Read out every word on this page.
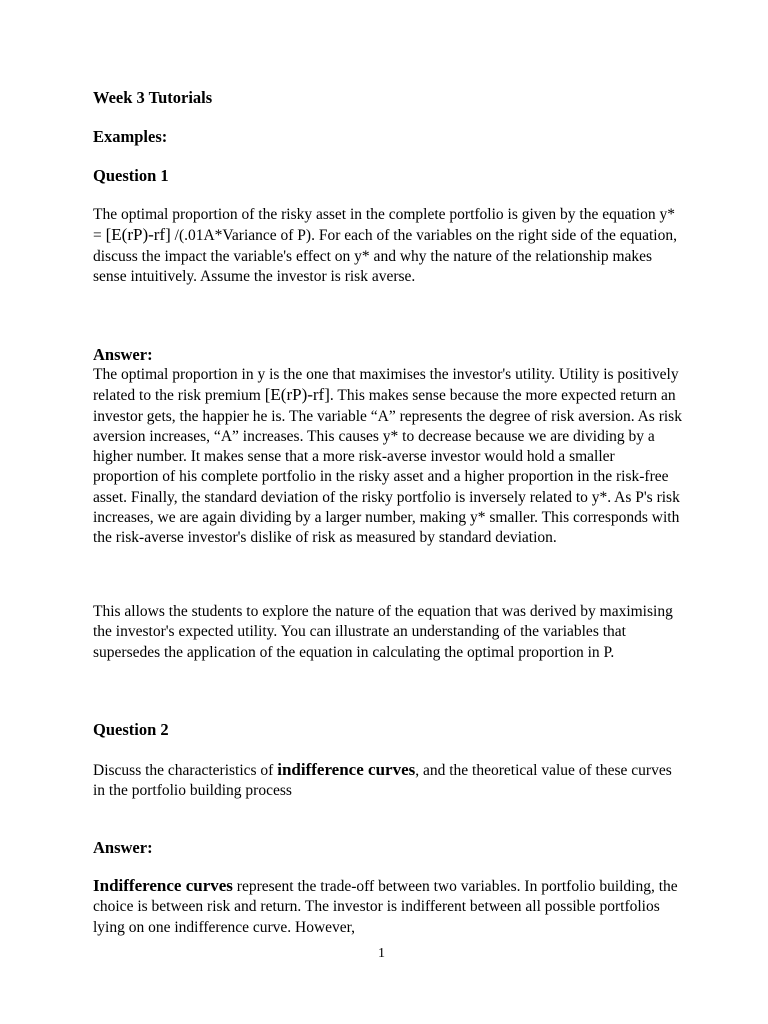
Week 3 Tutorials
Examples:
Question 1

The optimal proportion of the risky asset in the complete portfolio is given by the equation y* = [E(rP)-rf] /(.01A*Variance of P). For each of the variables on the right side of the equation, discuss the impact the variable's effect on y* and why the nature of the relationship makes sense intuitively. Assume the investor is risk averse.

Answer:

The optimal proportion in y is the one that maximises the investor's utility. Utility is positively related to the risk premium [E(rP)-rf]. This makes sense because the more expected return an investor gets, the happier he is. The variable “A” represents the degree of risk aversion. As risk aversion increases, “A” increases. This causes y* to decrease because we are dividing by a higher number. It makes sense that a more risk-averse investor would hold a smaller proportion of his complete portfolio in the risky asset and a higher proportion in the risk-free asset. Finally, the standard deviation of the risky portfolio is inversely related to y*. As P's risk increases, we are again dividing by a larger number, making y* smaller. This corresponds with the risk-averse investor's dislike of risk as measured by standard deviation.

This allows the students to explore the nature of the equation that was derived by maximising the investor's expected utility. You can illustrate an understanding of the variables that supersedes the application of the equation in calculating the optimal proportion in P.

Question 2

Discuss the characteristics of indifference curves, and the theoretical value of these curves in the portfolio building process

Answer:

Indifference curves represent the trade-off between two variables. In portfolio building, the choice is between risk and return. The investor is indifferent between all possible portfolios lying on one indifference curve. However,

1
